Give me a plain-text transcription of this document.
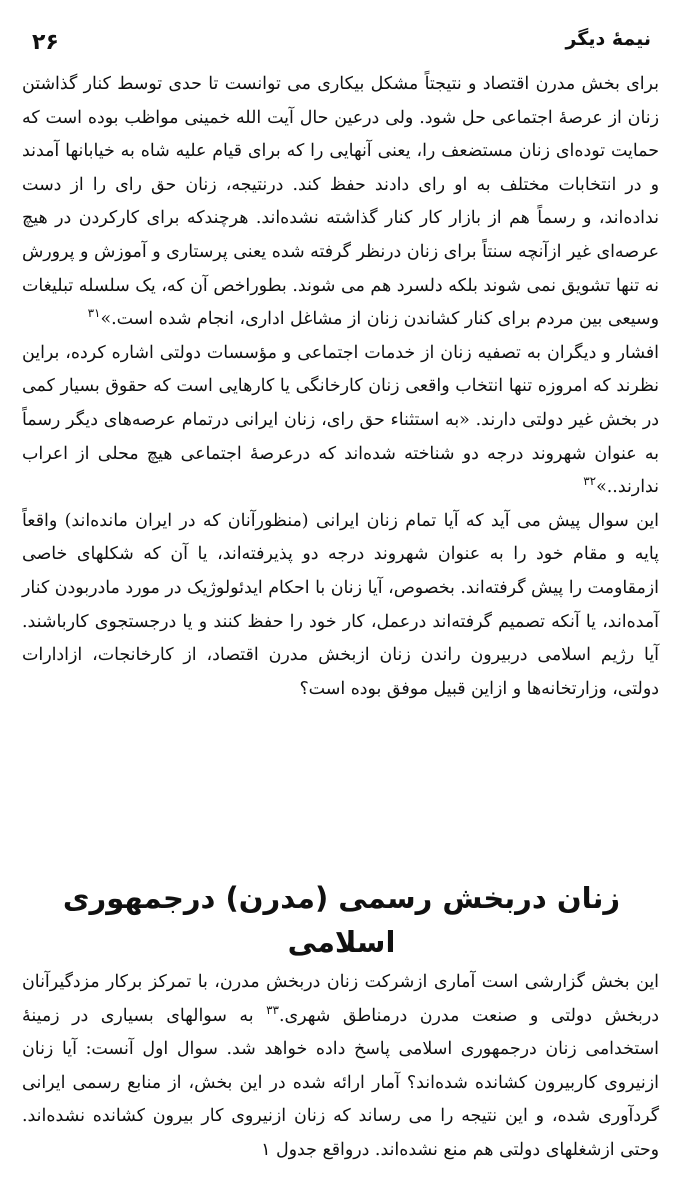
نیمهٔ دیگر
۲۶

برای بخش مدرن اقتصاد و نتیجتاً مشکل بیکاری می توانست تا حدی توسط کنار گذاشتن زنان از عرصهٔ اجتماعی حل شود. ولی درعین حال آیت الله خمینی مواظب بوده است که حمایت توده‌ای زنان مستضعف را، یعنی آنهایی را که برای قیام علیه شاه به خیابانها آمدند و در انتخابات مختلف به او رای دادند حفظ کند. درنتیجه، زنان حق رای را از دست نداده‌اند، و رسماً هم از بازار کار کنار گذاشته نشده‌اند. هرچندکه برای کارکردن در هیچ عرصه‌ای غیر ازآنچه سنتاً برای زنان درنظر گرفته شده یعنی پرستاری و آموزش و پرورش نه تنها تشویق نمی شوند بلکه دلسرد هم می شوند. بطوراخص آن که، یک سلسله تبلیغات وسیعی بین مردم برای کنار کشاندن زنان از مشاغل اداری، انجام شده است.»$^{۳۱}$

افشار و دیگران به تصفیه زنان از خدمات اجتماعی و مؤسسات دولتی اشاره کرده، براین نظرند که امروزه تنها انتخاب واقعی زنان کارخانگی یا کارهایی است که حقوق بسیار کمی در بخش غیر دولتی دارند. «به استثناء حق رای، زنان ایرانی درتمام عرصه‌های دیگر رسماً به عنوان شهروند درجه دو شناخته شده‌اند که درعرصهٔ اجتماعی هیچ محلی از اعراب ندارند..»$^{۳۲}$

این سوال پیش می آید که آیا تمام زنان ایرانی (منظورآنان که در ایران مانده‌اند) واقعاً پایه و مقام خود را به عنوان شهروند درجه دو پذیرفته‌اند، یا آن که شکلهای خاصی ازمقاومت را پیش گرفته‌اند. بخصوص، آیا زنان با احکام ایدئولوژیک در مورد مادربودن کنار آمده‌اند، یا آنکه تصمیم گرفته‌اند درعمل، کار خود را حفظ کنند و یا درجستجوی کارباشند. آیا رژیم اسلامی دربیرون راندن زنان ازبخش مدرن اقتصاد، از کارخانجات، ازادارات دولتی، وزارتخانه‌ها و ازاین قبیل موفق بوده است؟

زنان دربخش رسمی (مدرن) درجمهوری اسلامی

این بخش گزارشی است آماری ازشرکت زنان دربخش مدرن، با تمرکز برکار مزدگیرآنان دربخش دولتی و صنعت مدرن درمناطق شهری.$^{۳۳}$ به سوالهای بسیاری در زمینهٔ استخدامی زنان درجمهوری اسلامی پاسخ داده خواهد شد. سوال اول آنست: آیا زنان ازنیروی کاربیرون کشانده شده‌اند؟ آمار ارائه شده در این بخش، از منابع رسمی ایرانی گردآوری شده، و این نتیجه را می رساند که زنان ازنیروی کار بیرون کشانده نشده‌اند. وحتی ازشغلهای دولتی هم منع نشده‌اند. درواقع جدول ۱
